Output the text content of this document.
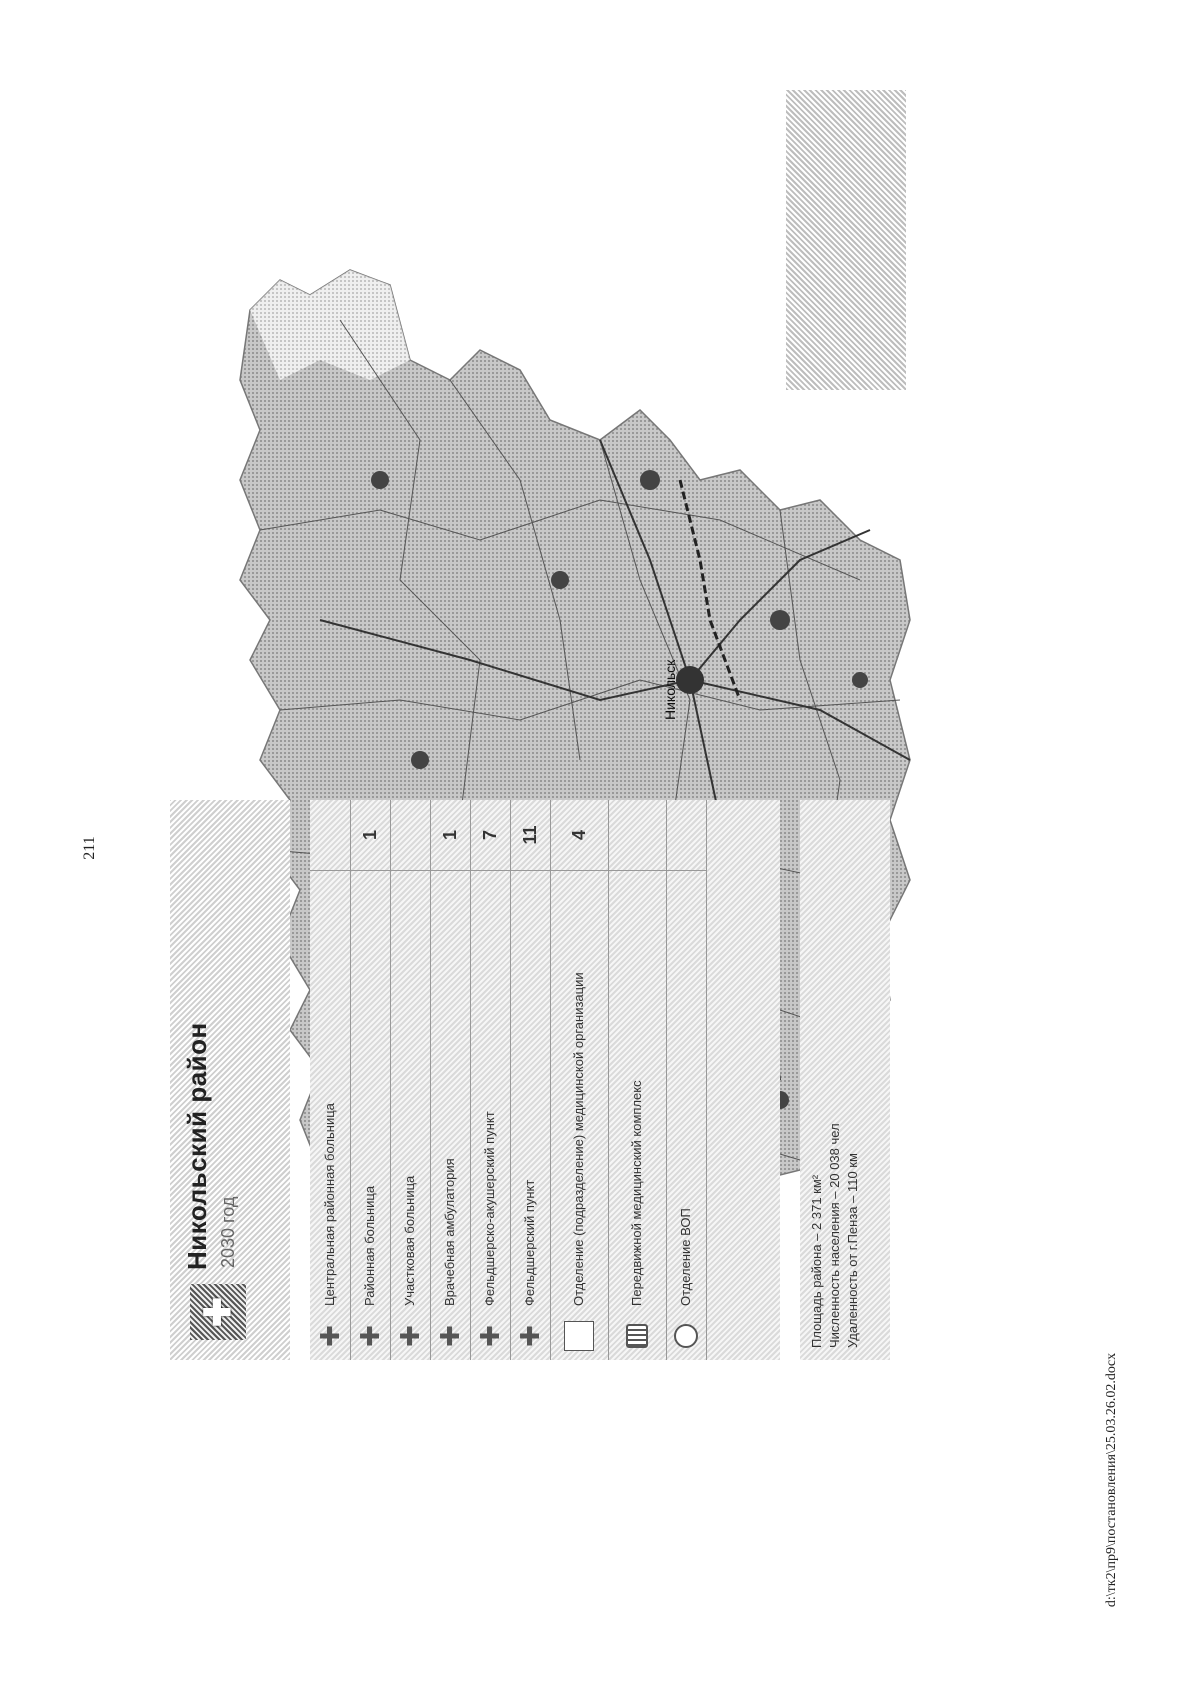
211
Никольск
✚
Никольский район 2030 год
✚
Центральная районная больница
✚
Районная больница
1
✚
Участковая больница
✚
Врачебная амбулатория
1
✚
Фельдшерско-акушерский пункт
7
✚
Фельдшерский пункт
11
Отделение (подразделение) медицинской организации
4
Передвижной медицинский комплекс	Отделение ВОП	Площадь района – 2 371 км² Численность населения – 20 038 чел Удаленность от г.Пенза – 110 км
d:\тк2\пр9\постановления\25.03.26.02.docx
